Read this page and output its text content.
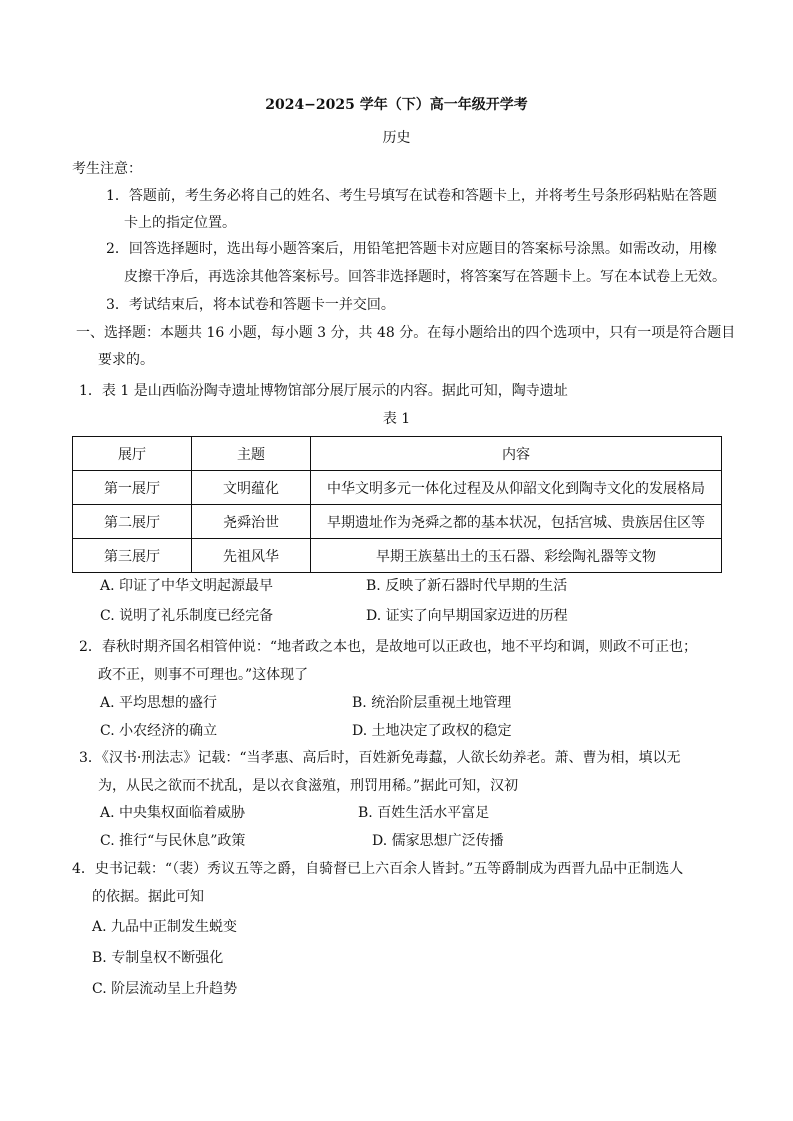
2024−2025 学年（下）高一年级开学考
历史
考生注意：
1．答题前，考生务必将自己的姓名、考生号填写在试卷和答题卡上，并将考生号条形码粘贴在答题
卡上的指定位置。
2．回答选择题时，选出每小题答案后，用铅笔把答题卡对应题目的答案标号涂黑。如需改动，用橡
皮擦干净后，再选涂其他答案标号。回答非选择题时，将答案写在答题卡上。写在本试卷上无效。
3．考试结束后，将本试卷和答题卡一并交回。
一、选择题：本题共 16 小题，每小题 3 分，共 48 分。在每小题给出的四个选项中，只有一项是符合题目
要求的。
1．表 1 是山西临汾陶寺遗址博物馆部分展厅展示的内容。据此可知，陶寺遗址
表 1
展厅	主题	内容
第一展厅	文明蕴化	中华文明多元一体化过程及从仰韶文化到陶寺文化的发展格局
第二展厅	尧舜治世	早期遗址作为尧舜之都的基本状况，包括宫城、贵族居住区等
第三展厅	先祖风华	早期王族墓出土的玉石器、彩绘陶礼器等文物
A. 印证了中华文明起源最早	B. 反映了新石器时代早期的生活
C. 说明了礼乐制度已经完备	D. 证实了向早期国家迈进的历程
2．春秋时期齐国名相管仲说：“地者政之本也，是故地可以正政也，地不平均和调，则政不可正也；
政不正，则事不可理也。”这体现了
A. 平均思想的盛行	B. 统治阶层重视土地管理
C. 小农经济的确立	D. 土地决定了政权的稳定
3．《汉书·刑法志》记载：“当孝惠、高后时，百姓新免毒蠚，人欲长幼养老。萧、曹为相，填以无
为，从民之欲而不扰乱，是以衣食滋殖，刑罚用稀。”据此可知，汉初
A. 中央集权面临着威胁	B. 百姓生活水平富足
C. 推行“与民休息”政策	D. 儒家思想广泛传播
4．史书记载：“（裴）秀议五等之爵，自骑督已上六百余人皆封。”五等爵制成为西晋九品中正制选人
的依据。据此可知
A. 九品中正制发生蜕变
B. 专制皇权不断强化
C. 阶层流动呈上升趋势
